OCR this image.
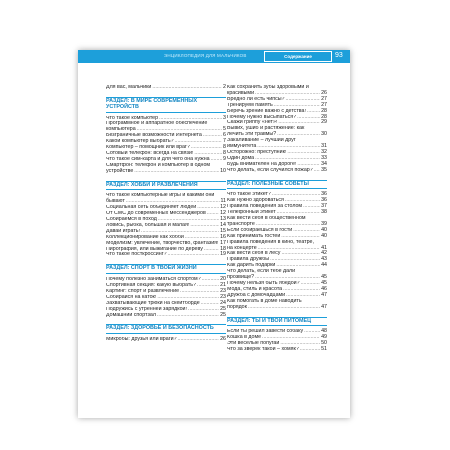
ЭНЦИКЛОПЕДИЯ ДЛЯ МАЛЬЧИКОВ	Содержание	93
Для вас, мальчики .....	2
РАЗДЕЛ: В МИРЕ СОВРЕМЕННЫХ УСТРОЙСТВ
Что такое компьютер .....	3
Программное и аппаратное обеспечение компьютера .....	5
Безграничные возможности Интернета .....	6
Какой компьютер выбрать? .....	7
Компьютер – помощник или враг? .....	8
Сотовый телефон: всегда на связи! .....	8
Что такое сим-карта и для чего она нужна .....	9
Смартфон: телефон и компьютер в одном устройстве .....	10
РАЗДЕЛ: ХОББИ И РАЗВЛЕЧЕНИЯ
Что такое компьютерные игры и какими они бывают .....	11
Социальная сеть объединяет людей .....	12
От СМС до современных мессенджеров .....	12
Собираемся в поход .....	13
Ловись, рыбка, большая и малая! .....	14
Давай играть! .....	15
Коллекционирование как хобби .....	16
Моделизм: увлечение, творчество, фантазия! ..... 17
Пирография, или выжигание по дереву .....	18
Что такое посткроссинг? .....	19
РАЗДЕЛ: СПОРТ В ТВОЕЙ ЖИЗНИ
Почему полезно заниматься спортом? .....	20
Спортивная секция: какую выбрать? .....	21
Картинг: спорт и развлечение .....	23
Собирайся на каток! .....	23
Захватывающие трюки на скейтборде .....	24
Подружись с утренней зарядкой! .....	25
Домашний спортзал .....	25
РАЗДЕЛ: ЗДОРОВЬЕ И БЕЗОПАСНОСТЬ
Микробы: друзья или враги? .....	26
Как сохранить зубы здоровыми и красивыми .....	26
Вредно ли есть чипсы? .....	27
Тренируем память .....	27
Беречь зрение важно с детства! .....	28
Почему нужно высыпаться? .....	28
Скажи гриппу «нет»! .....	29
Вывих, ушиб и растяжение: как лечить эти травмы? .....	30
Закаливание – лучший друг иммунитета .....	31
Осторожно: преступник! .....	32
Один дома .....	33
Будь внимателен на дороге! .....	34
Что делать, если случился пожар? .....	35
РАЗДЕЛ: ПОЛЕЗНЫЕ СОВЕТЫ
Что такое этикет? .....	36
Как нужно здороваться .....	36
Правила поведения за столом .....	37
Телефонный этикет .....	38
Как вести себя в общественном транспорте .....	39
Если собираешься в гости .....	40
Как принимать гостей .....	40
Правила поведения в кино, театре, на концерте .....	41
Как вести себя в лесу .....	42
Правила дружбы .....	43
Как дарить подарки .....	44
Что делать, если тебе дали прозвище? .....	45
Почему нельзя быть ябедой? .....	45
Мода, стиль и красота .....	46
Дружба с домочадцами .....	47
Как помогать в доме наводить порядок .....	47
РАЗДЕЛ: ТЫ И ТВОЙ ПИТОМЕЦ
Если ты решил завести собаку .....	48
Кошка в доме .....	49
Эти весёлые попугаи .....	50
Что за зверёк такой – хомяк? .....	51
